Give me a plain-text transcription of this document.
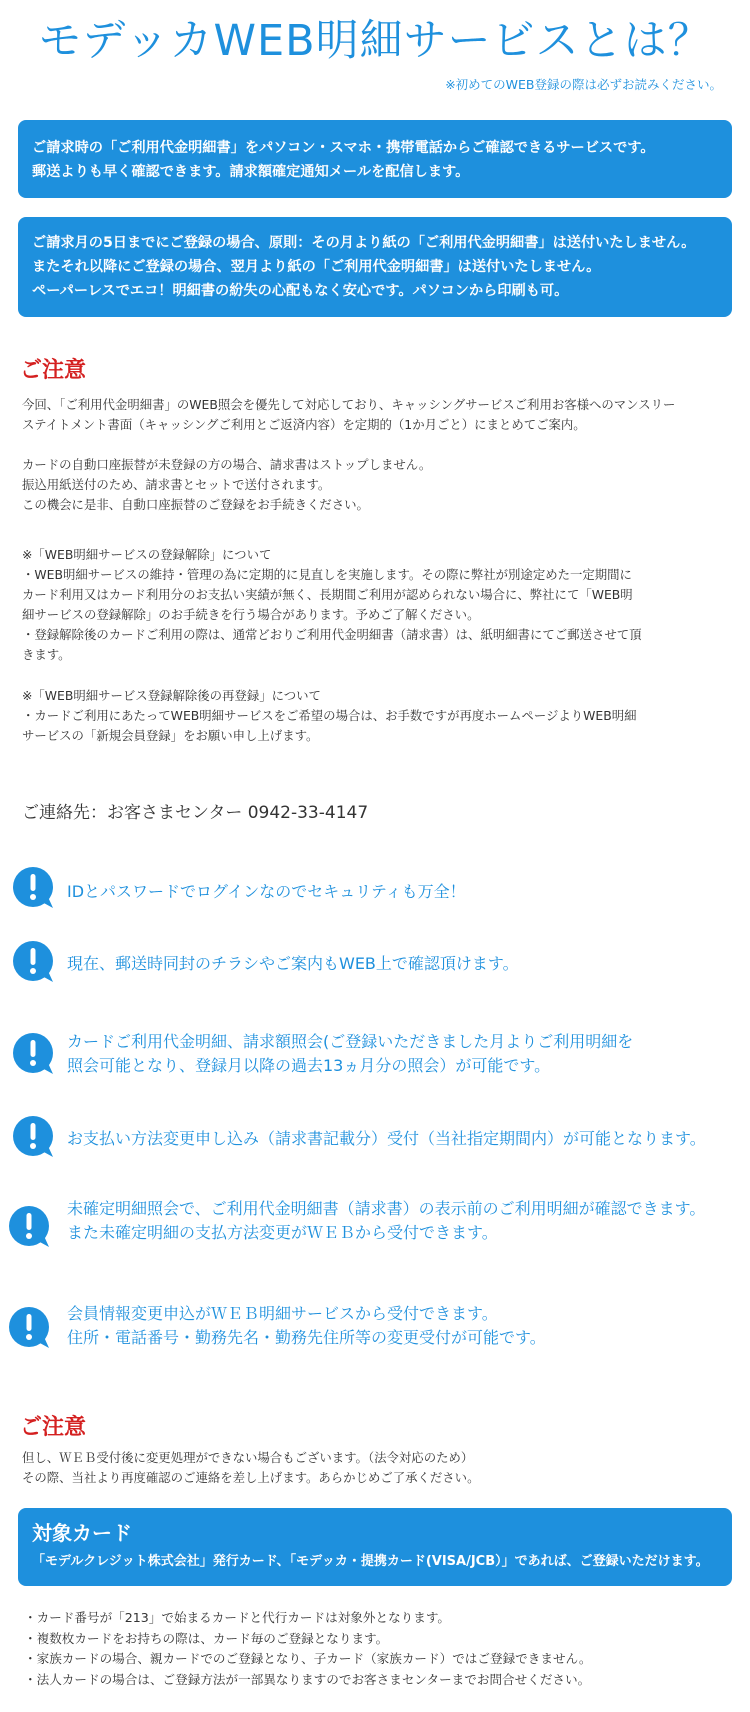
モデッカWEB明細サービスとは？

※初めてのWEB登録の際は必ずお読みください。

ご請求時の「ご利用代金明細書」をパソコン・スマホ・携帯電話からご確認できるサービスです。

郵送よりも早く確認できます。請求額確定通知メールを配信します。

ご請求月の5日までにご登録の場合、原則：その月より紙の「ご利用代金明細書」は送付いたしません。

またそれ以降にご登録の場合、翌月より紙の「ご利用代金明細書」は送付いたしません。

ペーパーレスでエコ！明細書の紛失の心配もなく安心です。パソコンから印刷も可。

ご注意

今回、「ご利用代金明細書」のWEB照会を優先して対応しており、キャッシングサービスご利用お客様へのマンスリー
ステイトメント書面（キャッシングご利用とご返済内容）を定期的（1か月ごと）にまとめてご案内。

カードの自動口座振替が未登録の方の場合、請求書はストップしません。
振込用紙送付のため、請求書とセットで送付されます。
この機会に是非、自動口座振替のご登録をお手続きください。

※「WEB明細サービスの登録解除」について
・WEB明細サービスの維持・管理の為に定期的に見直しを実施します。その際に弊社が別途定めた一定期間に
カード利用又はカード利用分のお支払い実績が無く、長期間ご利用が認められない場合に、弊社にて「WEB明
細サービスの登録解除」のお手続きを行う場合があります。予めご了解ください。
・登録解除後のカードご利用の際は、通常どおりご利用代金明細書（請求書）は、紙明細書にてご郵送させて頂
きます。

※「WEB明細サービス登録解除後の再登録」について
・カードご利用にあたってWEB明細サービスをご希望の場合は、お手数ですが再度ホームページよりWEB明細
サービスの「新規会員登録」をお願い申し上げます。

ご連絡先：お客さまセンター 0942-33-4147

IDとパスワードでログインなのでセキュリティも万全！

現在、郵送時同封のチラシやご案内もWEB上で確認頂けます。

カードご利用代金明細、請求額照会(ご登録いただきました月よりご利用明細を
照会可能となり、登録月以降の過去13ヵ月分の照会）が可能です。

お支払い方法変更申し込み（請求書記載分）受付（当社指定期間内）が可能となります。

未確定明細照会で、ご利用代金明細書（請求書）の表示前のご利用明細が確認できます。
また未確定明細の支払方法変更がＷＥＢから受付できます。

会員情報変更申込がＷＥＢ明細サービスから受付できます。
住所・電話番号・勤務先名・勤務先住所等の変更受付が可能です。

ご注意

但し、ＷＥＢ受付後に変更処理ができない場合もございます。（法令対応のため）
その際、当社より再度確認のご連絡を差し上げます。あらかじめご了承ください。

対象カード

「モデルクレジット株式会社」発行カード、「モデッカ・提携カード(VISA/JCB）」であれば、ご登録いただけます。

・カード番号が「213」で始まるカードと代行カードは対象外となります。
・複数枚カードをお持ちの際は、カード毎のご登録となります。
・家族カードの場合、親カードでのご登録となり、子カード（家族カード）ではご登録できません。
・法人カードの場合は、ご登録方法が一部異なりますのでお客さまセンターまでお問合せください。
